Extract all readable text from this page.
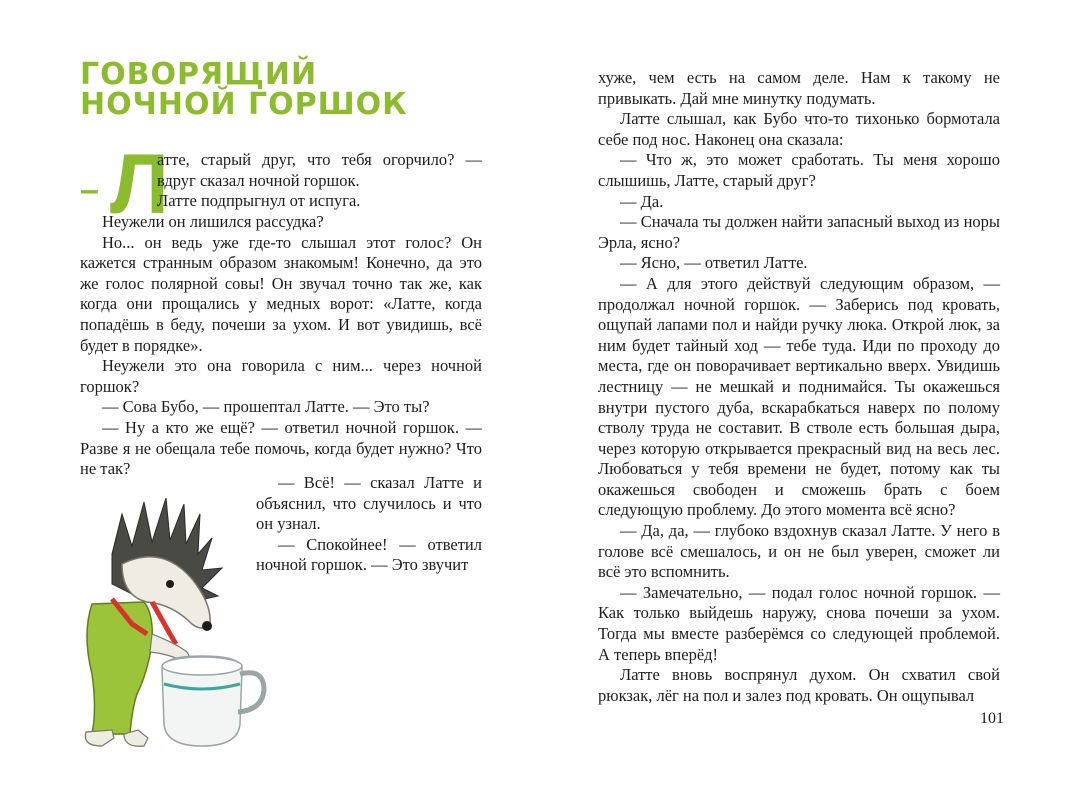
ГОВОРЯЩИЙ
НОЧНОЙ ГОРШОК
– Л
атте, старый друг, что тебя огорчило? —
вдруг сказал ночной горшок.
Латте подпрыгнул от испуга.

Неужели он лишился рассудка?

Но... он ведь уже где-то слышал этот голос? Он кажется странным образом знакомым! Конечно, да это же голос полярной совы! Он звучал точно так же, как когда они прощались у медных ворот: «Латте, когда попадёшь в беду, почеши за ухом. И вот увидишь, всё будет в порядке».

Неужели это она говорила с ним... через ночной горшок?

— Сова Бубо, — прошептал Латте. — Это ты?

— Ну а кто же ещё? — ответил ночной горшок. — Разве я не обещала тебе помочь, когда будет нужно? Что не так?

— Всё! — сказал Латте и объяснил, что случилось и что он узнал.

— Спокойнее! — ответил ночной горшок. — Это звучит

хуже, чем есть на самом деле. Нам к такому не привыкать. Дай мне минутку подумать.

Латте слышал, как Бубо что-то тихонько бормотала себе под нос. Наконец она сказала:

— Что ж, это может сработать. Ты меня хорошо слышишь, Латте, старый друг?

— Да.

— Сначала ты должен найти запасный выход из норы Эрла, ясно?

— Ясно, — ответил Латте.

— А для этого действуй следующим образом, — продолжал ночной горшок. — Заберись под кровать, ощупай лапами пол и найди ручку люка. Открой люк, за ним будет тайный ход — тебе туда. Иди по проходу до места, где он поворачивает вертикально вверх. Увидишь лестницу — не мешкай и поднимайся. Ты окажешься внутри пустого дуба, вскарабкаться наверх по полому стволу труда не составит. В стволе есть большая дыра, через которую открывается прекрасный вид на весь лес. Любоваться у тебя времени не будет, потому как ты окажешься свободен и сможешь брать с боем следующую проблему. До этого момента всё ясно?

— Да, да, — глубоко вздохнув сказал Латте. У него в голове всё смешалось, и он не был уверен, сможет ли всё это вспомнить.

— Замечательно, — подал голос ночной горшок. — Как только выйдешь наружу, снова почеши за ухом. Тогда мы вместе разберёмся со следующей проблемой. А теперь вперёд!

Латте вновь воспрянул духом. Он схватил свой рюкзак, лёг на пол и залез под кровать. Он ощупывал

101
